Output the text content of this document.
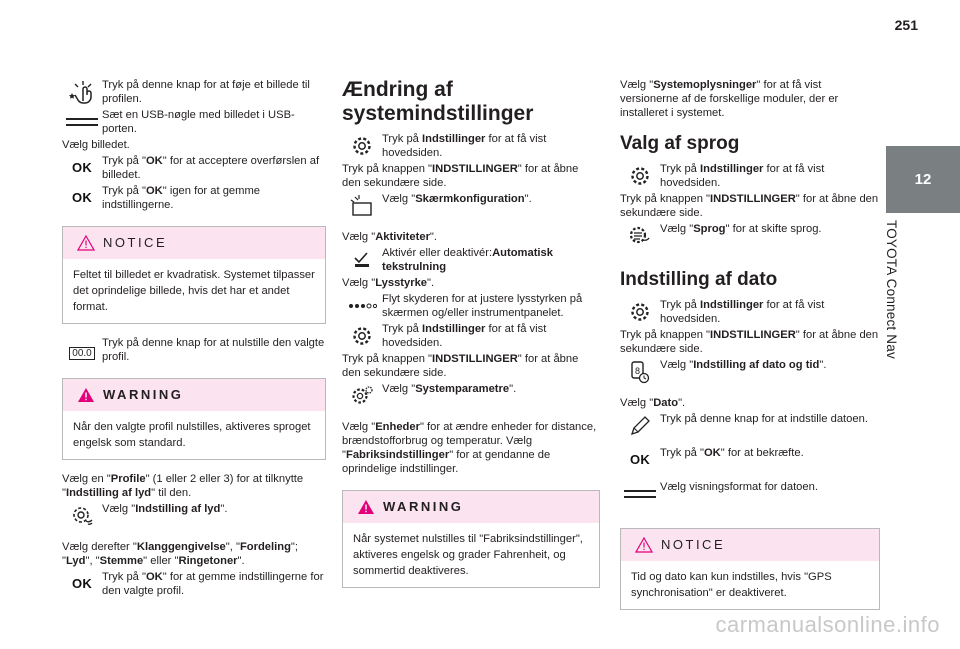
251
12
TOYOTA Connect Nav
Tryk på denne knap for at føje et billede til profilen.
Sæt en USB-nøgle med billedet i USB-porten.

Vælg billedet.

OK Tryk på "OK" for at acceptere overførslen af billedet.
OK Tryk på "OK" igen for at gemme indstillingerne.
NOTICE
Feltet til billedet er kvadratisk. Systemet tilpasser det oprindelige billede, hvis det har et andet format.
00.0
Tryk på denne knap for at nulstille den valgte profil.
WARNING
Når den valgte profil nulstilles, aktiveres sproget engelsk som standard.

Vælg en "Profile" (1 eller 2 eller 3) for at tilknytte "Indstilling af lyd" til den.

Vælg "Indstilling af lyd".

Vælg derefter "Klanggengivelse", "Fordeling"; "Lyd", "Stemme" eller "Ringetoner".

OK Tryk på "OK" for at gemme indstillingerne for den valgte profil.
Ændring af systemindstillinger
Tryk på Indstillinger for at få vist hovedsiden.

Tryk på knappen "INDSTILLINGER" for at åbne den sekundære side.

Vælg "Skærmkonfiguration".

Vælg "Aktiviteter".

Aktivér eller deaktivér:Automatisk tekstrulning

Vælg "Lysstyrke".

Flyt skyderen for at justere lysstyrken på skærmen og/eller instrumentpanelet.
Tryk på Indstillinger for at få vist hovedsiden.

Tryk på knappen "INDSTILLINGER" for at åbne den sekundære side.

Vælg "Systemparametre".

Vælg "Enheder" for at ændre enheder for distance, brændstofforbrug og temperatur. Vælg "Fabriksindstillinger" for at gendanne de oprindelige indstillinger.

WARNING
Når systemet nulstilles til "Fabriksindstillinger", aktiveres engelsk og grader Fahrenheit, og sommertid deaktiveres.

Vælg "Systemoplysninger" for at få vist versionerne af de forskellige moduler, der er installeret i systemet.

Valg af sprog
Tryk på Indstillinger for at få vist hovedsiden.

Tryk på knappen "INDSTILLINGER" for at åbne den sekundære side.

Vælg "Sprog" for at skifte sprog.
Indstilling af dato
Tryk på Indstillinger for at få vist hovedsiden.

Tryk på knappen "INDSTILLINGER" for at åbne den sekundære side.

8 Vælg "Indstilling af dato og tid".

Vælg "Dato".

Tryk på denne knap for at indstille datoen.
OK Tryk på "OK" for at bekræfte.
Vælg visningsformat for datoen.
NOTICE
Tid og dato kan kun indstilles, hvis "GPS synchronisation" er deaktiveret.
carmanualsonline.info
